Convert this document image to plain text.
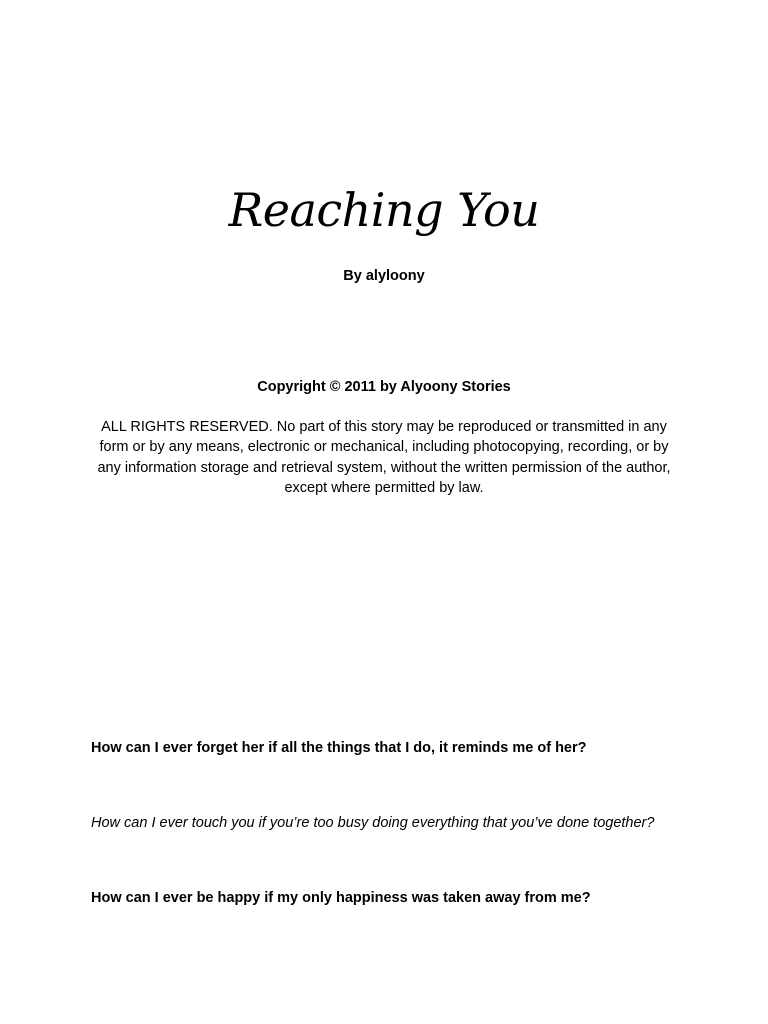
Reaching You
By alyloony
Copyright © 2011 by Alyoony Stories
ALL RIGHTS RESERVED. No part of this story may be reproduced or transmitted in any form or by any means, electronic or mechanical, including photocopying, recording, or by any information storage and retrieval system, without the written permission of the author, except where permitted by law.
How can I ever forget her if all the things that I do, it reminds me of her?
How can I ever touch you if you’re too busy doing everything that you’ve done together?
How can I ever be happy if my only happiness was taken away from me?
